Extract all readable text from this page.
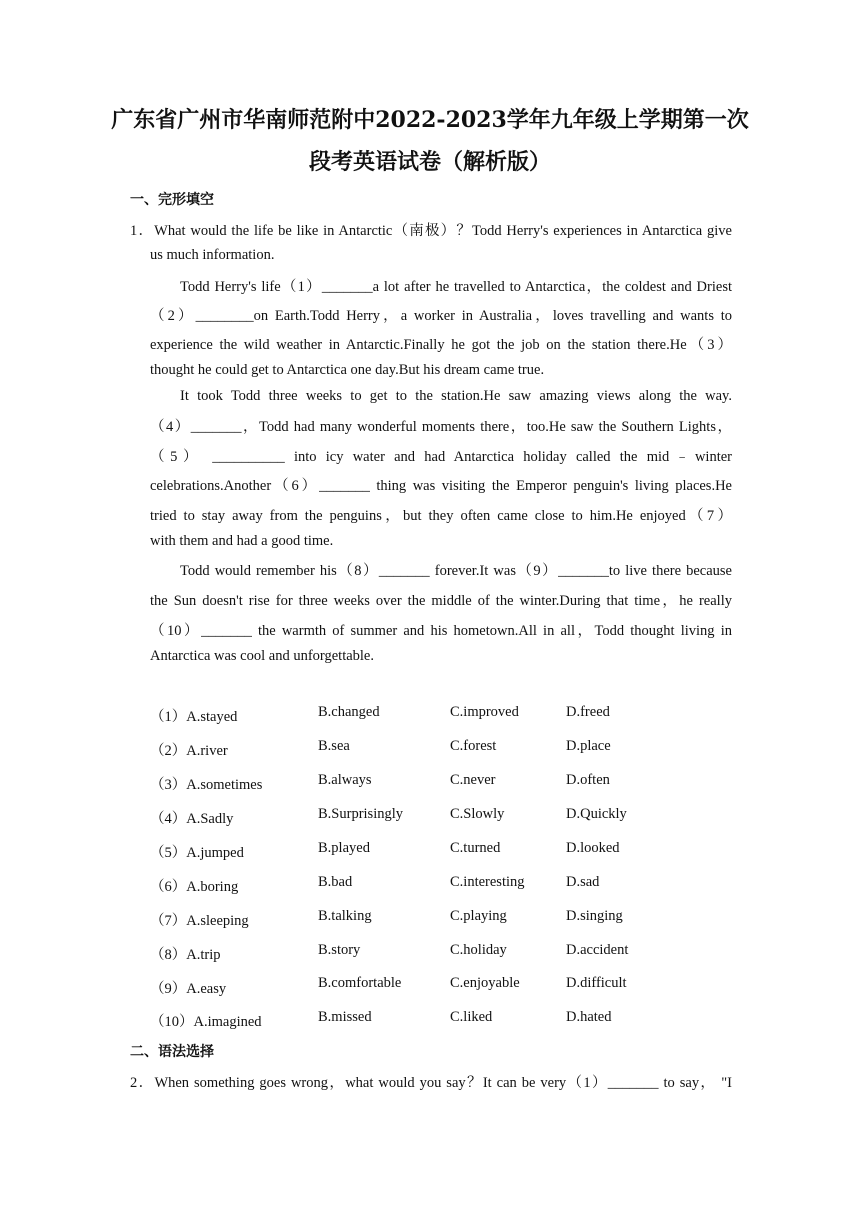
广东省广州市华南师范附中2022-2023学年九年级上学期第一次
段考英语试卷（解析版）
一、完形填空
1．What would the life be like in Antarctic（南极）？Todd Herry's experiences in Antarctica give
us much information.
Todd Herry's life（1）_______a lot after he travelled to Antarctica，the coldest and Driest
（2）________on Earth.Todd Herry，a worker in Australia，loves travelling and wants to
experience the wild weather in Antarctic.Finally he got the job on the station there.He（3）
thought he could get to Antarctica one day.But his dream came true.
It took Todd three weeks to get to the station.He saw amazing views along the way.
（4）_______，Todd had many wonderful moments there，too.He saw the Southern Lights，
（5） __________ into icy water and had Antarctica holiday called the mid﹣winter
celebrations.Another（6）_______ thing was visiting the Emperor penguin's living places.He
tried to stay away from the penguins，but they often came close to him.He enjoyed（7）
with them and had a good time.
Todd would remember his（8）_______ forever.It was（9）_______to live there because
the Sun doesn't rise for three weeks over the middle of the winter.During that time，he really
（10）_______ the warmth of summer and his hometown.All in all，Todd thought living in
Antarctica was cool and unforgettable.
（1）A.stayed	B.changed	C.improved	D.freed
（2）A.river	B.sea	C.forest	D.place
（3）A.sometimes	B.always	C.never	D.often
（4）A.Sadly	B.Surprisingly	C.Slowly	D.Quickly
（5）A.jumped	B.played	C.turned	D.looked
（6）A.boring	B.bad	C.interesting	D.sad
（7）A.sleeping	B.talking	C.playing	D.singing
（8）A.trip	B.story	C.holiday	D.accident
（9）A.easy	B.comfortable	C.enjoyable	D.difficult
（10）A.imagined	B.missed	C.liked	D.hated
二、语法选择
2．When something goes wrong，what would you say？It can be very（1）_______ to say， "I
